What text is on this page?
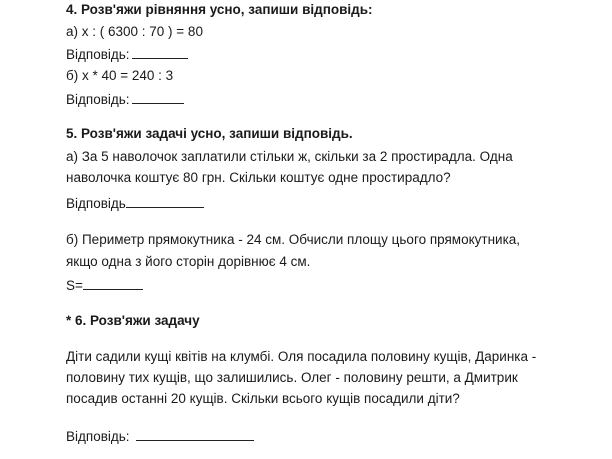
4. Розв'яжи рівняння усно, запиши відповідь:
а) х : ( 6300 : 70 ) = 80
Відповідь:
б) х * 40 = 240 : 3
Відповідь:
5. Розв'яжи задачі усно, запиши відповідь.
а) За 5 наволочок заплатили стільки ж, скільки за 2 простирадла. Одна
наволочка коштує 80 грн. Скільки коштує одне простирадло?
Відповідь
б) Периметр прямокутника - 24 см. Обчисли площу цього прямокутника,
якщо одна з його сторін дорівнює 4 см.
S=
* 6. Розв'яжи задачу
Діти садили кущі квітів на клумбі. Оля посадила половину кущів, Даринка -
половину тих кущів, що залишились. Олег - половину решти, а Дмитрик
посадив останні 20 кущів. Скільки всього кущів посадили діти?
Відповідь:
